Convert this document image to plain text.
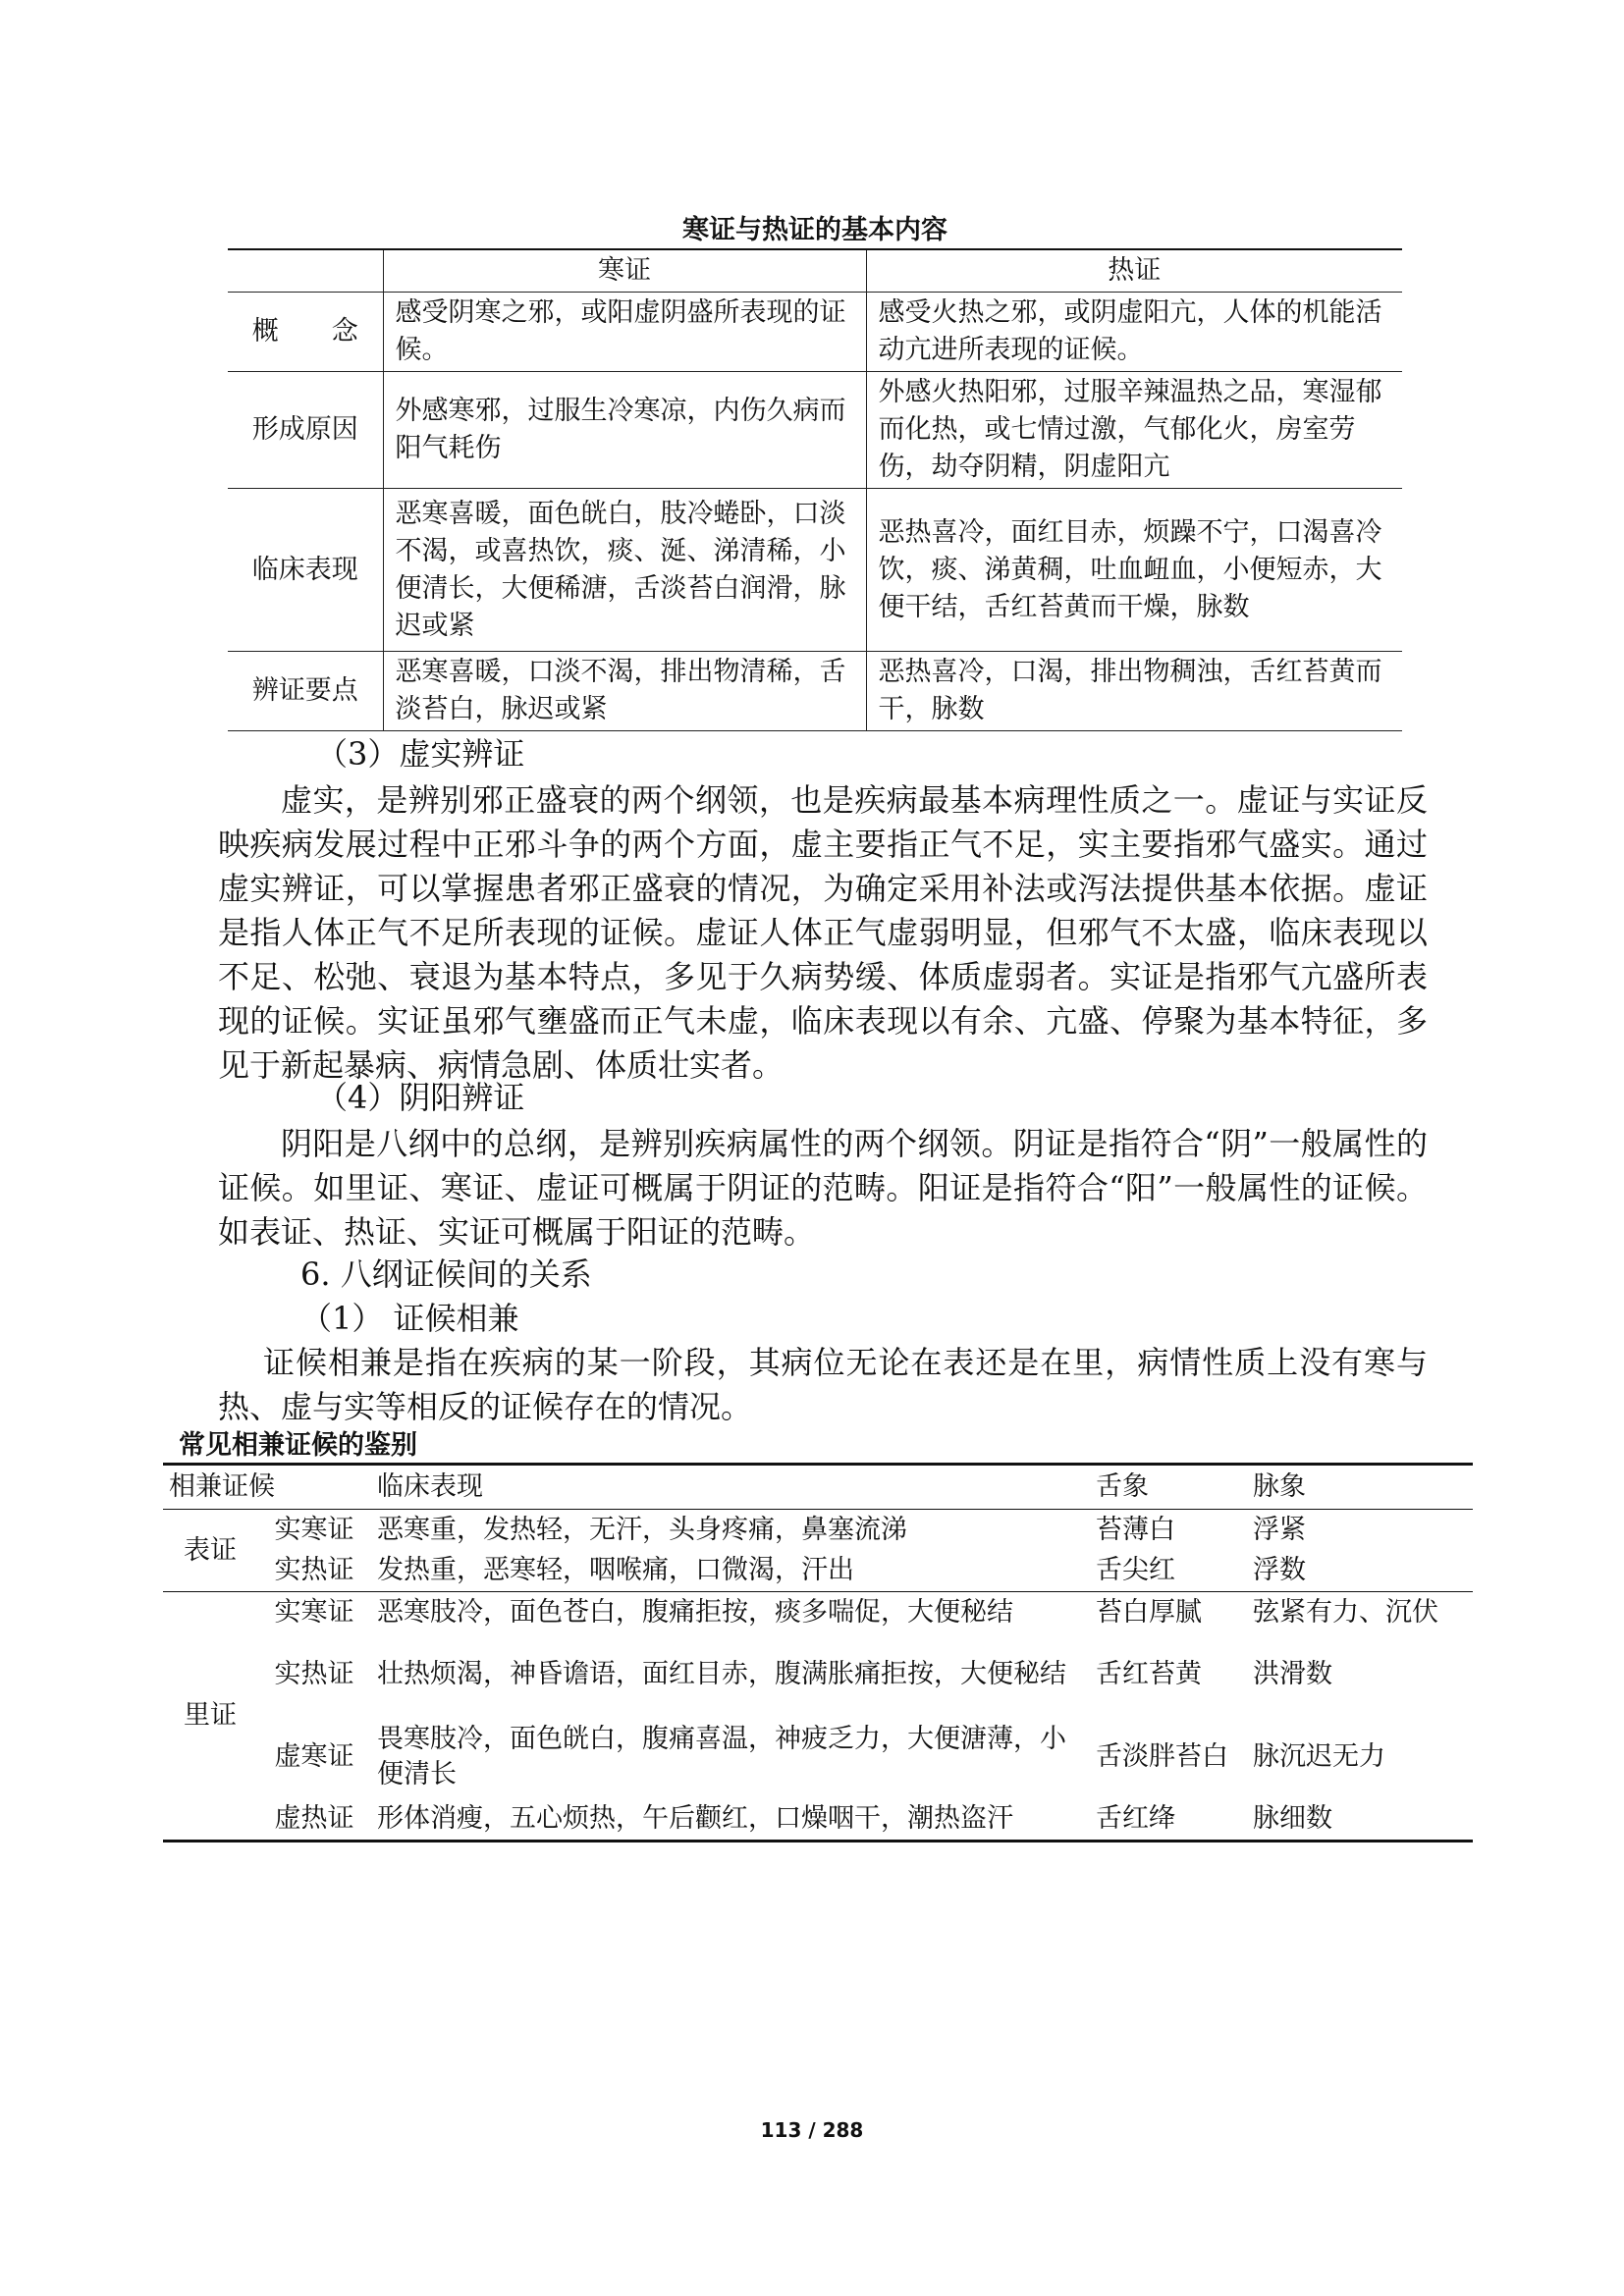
寒证与热证的基本内容
	寒证	热证
概　　念	感受阴寒之邪，或阳虚阴盛所表现的证候。	感受火热之邪，或阴虚阳亢，人体的机能活动亢进所表现的证候。
形成原因	外感寒邪，过服生冷寒凉，内伤久病而阳气耗伤	外感火热阳邪，过服辛辣温热之品，寒湿郁而化热，或七情过激，气郁化火，房室劳伤，劫夺阴精，阴虚阳亢
临床表现	恶寒喜暖，面色㿠白，肢冷蜷卧，口淡不渴，或喜热饮，痰、涎、涕清稀，小便清长，大便稀溏，舌淡苔白润滑，脉迟或紧	恶热喜冷，面红目赤，烦躁不宁，口渴喜冷饮，痰、涕黄稠，吐血衄血，小便短赤，大便干结，舌红苔黄而干燥，脉数
辨证要点	恶寒喜暖，口淡不渴，排出物清稀，舌淡苔白，脉迟或紧	恶热喜冷，口渴，排出物稠浊，舌红苔黄而干，脉数

（3）虚实辨证

虚实，是辨别邪正盛衰的两个纲领，也是疾病最基本病理性质之一。虚证与实证反映疾病发展过程中正邪斗争的两个方面，虚主要指正气不足，实主要指邪气盛实。通过虚实辨证，可以掌握患者邪正盛衰的情况，为确定采用补法或泻法提供基本依据。虚证是指人体正气不足所表现的证候。虚证人体正气虚弱明显，但邪气不太盛，临床表现以不足、松弛、衰退为基本特点，多见于久病势缓、体质虚弱者。实证是指邪气亢盛所表现的证候。实证虽邪气壅盛而正气未虚，临床表现以有余、亢盛、停聚为基本特征，多见于新起暴病、病情急剧、体质壮实者。

（4）阴阳辨证

阴阳是八纲中的总纲，是辨别疾病属性的两个纲领。阴证是指符合“阴”一般属性的证候。如里证、寒证、虚证可概属于阴证的范畴。阳证是指符合“阳”一般属性的证候。如表证、热证、实证可概属于阳证的范畴。

6. 八纲证候间的关系

（1） 证候相兼

证候相兼是指在疾病的某一阶段，其病位无论在表还是在里，病情性质上没有寒与热、虚与实等相反的证候存在的情况。

常见相兼证候的鉴别
相兼证候		临床表现	舌象	脉象
表证	实寒证	恶寒重，发热轻，无汗，头身疼痛，鼻塞流涕	苔薄白	浮紧
	实热证	发热重，恶寒轻，咽喉痛，口微渴，汗出	舌尖红	浮数
里证	实寒证	恶寒肢冷，面色苍白，腹痛拒按，痰多喘促，大便秘结	苔白厚腻	弦紧有力、沉伏
	实热证	壮热烦渴，神昏谵语，面红目赤，腹满胀痛拒按，大便秘结	舌红苔黄	洪滑数
	虚寒证	畏寒肢冷，面色㿠白，腹痛喜温，神疲乏力，大便溏薄，小便清长	舌淡胖苔白	脉沉迟无力
	虚热证	形体消瘦，五心烦热，午后颧红，口燥咽干，潮热盗汗	舌红绛	脉细数
113 / 288
